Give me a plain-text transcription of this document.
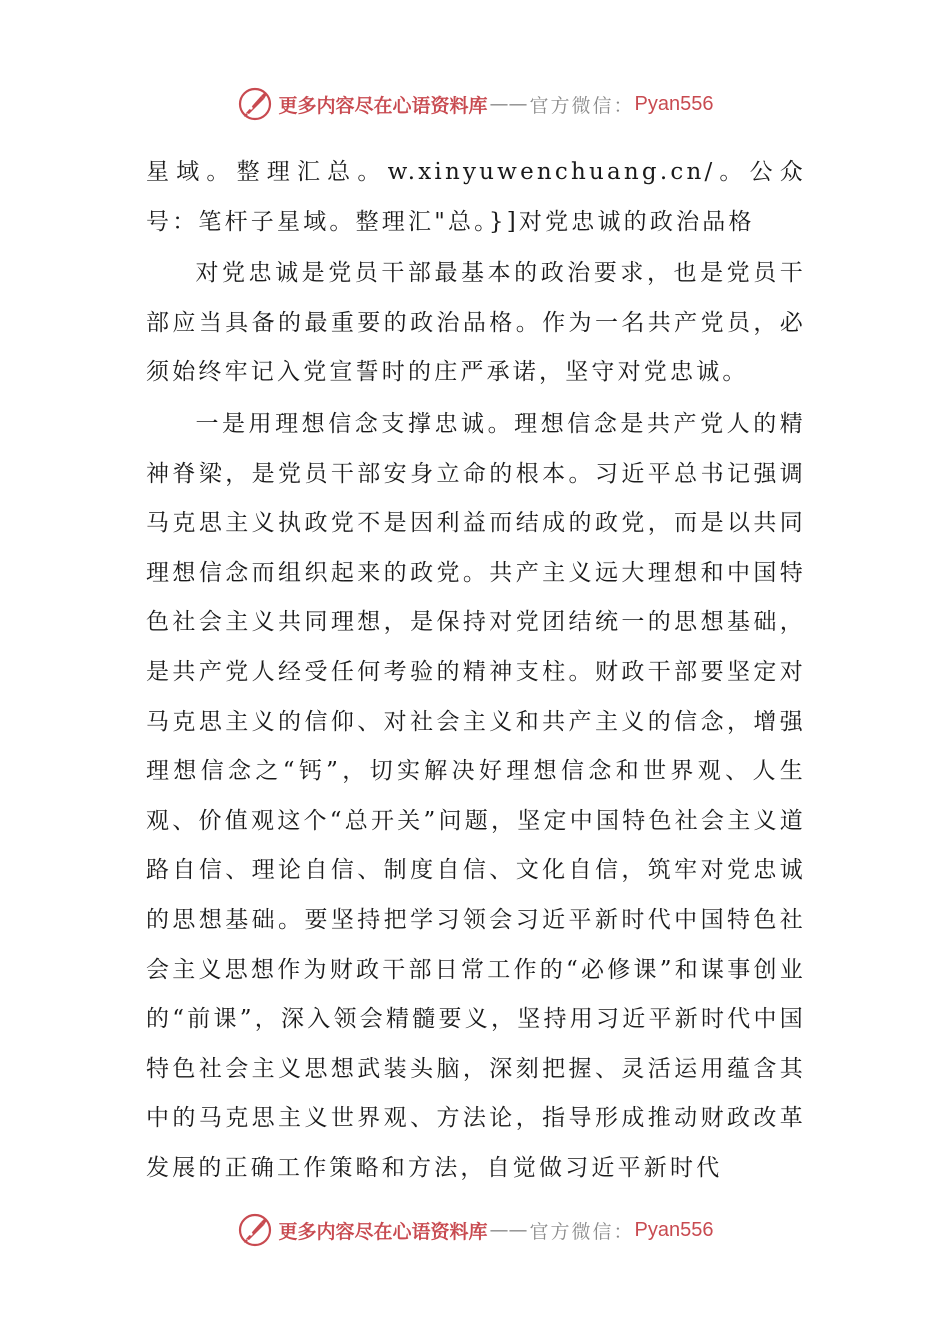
更多内容尽在心语资料库 —— 官方微信： Pyan556

星域。整理汇总。w.xinyuwenchuang.cn/。公众号：笔杆子星域。整理汇"总。}]对党忠诚的政治品格

对党忠诚是党员干部最基本的政治要求，也是党员干部应当具备的最重要的政治品格。作为一名共产党员，必须始终牢记入党宣誓时的庄严承诺，坚守对党忠诚。

一是用理想信念支撑忠诚。理想信念是共产党人的精神脊梁，是党员干部安身立命的根本。习近平总书记强调马克思主义执政党不是因利益而结成的政党，而是以共同理想信念而组织起来的政党。共产主义远大理想和中国特色社会主义共同理想，是保持对党团结统一的思想基础，是共产党人经受任何考验的精神支柱。财政干部要坚定对马克思主义的信仰、对社会主义和共产主义的信念，增强理想信念之“钙”，切实解决好理想信念和世界观、人生观、价值观这个“总开关”问题，坚定中国特色社会主义道路自信、理论自信、制度自信、文化自信，筑牢对党忠诚的思想基础。要坚持把学习领会习近平新时代中国特色社会主义思想作为财政干部日常工作的“必修课”和谋事创业的“前课”，深入领会精髓要义，坚持用习近平新时代中国特色社会主义思想武装头脑，深刻把握、灵活运用蕴含其中的马克思主义世界观、方法论，指导形成推动财政改革发展的正确工作策略和方法，自觉做习近平新时代

更多内容尽在心语资料库 —— 官方微信： Pyan556
